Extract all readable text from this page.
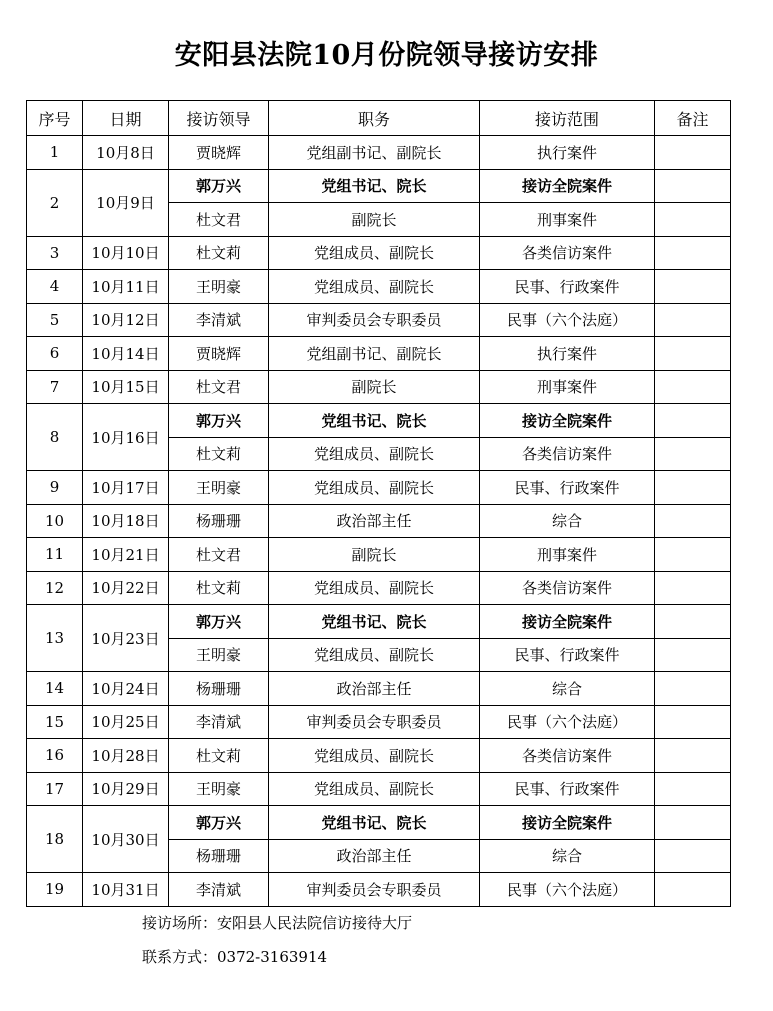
安阳县法院10月份院领导接访安排
序号	日期	接访领导	职务	接访范围	备注
1	10月8日	贾晓辉	党组副书记、副院长	执行案件	
2	10月9日	郭万兴	党组书记、院长	接访全院案件	
		杜文君	副院长	刑事案件	
3	10月10日	杜文莉	党组成员、副院长	各类信访案件	
4	10月11日	王明豪	党组成员、副院长	民事、行政案件	
5	10月12日	李清斌	审判委员会专职委员	民事（六个法庭）	
6	10月14日	贾晓辉	党组副书记、副院长	执行案件	
7	10月15日	杜文君	副院长	刑事案件	
8	10月16日	郭万兴	党组书记、院长	接访全院案件	
		杜文莉	党组成员、副院长	各类信访案件	
9	10月17日	王明豪	党组成员、副院长	民事、行政案件	
10	10月18日	杨珊珊	政治部主任	综合	
11	10月21日	杜文君	副院长	刑事案件	
12	10月22日	杜文莉	党组成员、副院长	各类信访案件	
13	10月23日	郭万兴	党组书记、院长	接访全院案件	
		王明豪	党组成员、副院长	民事、行政案件	
14	10月24日	杨珊珊	政治部主任	综合	
15	10月25日	李清斌	审判委员会专职委员	民事（六个法庭）	
16	10月28日	杜文莉	党组成员、副院长	各类信访案件	
17	10月29日	王明豪	党组成员、副院长	民事、行政案件	
18	10月30日	郭万兴	党组书记、院长	接访全院案件	
		杨珊珊	政治部主任	综合	
19	10月31日	李清斌	审判委员会专职委员	民事（六个法庭）	
接访场所：安阳县人民法院信访接待大厅
联系方式：0372-3163914
